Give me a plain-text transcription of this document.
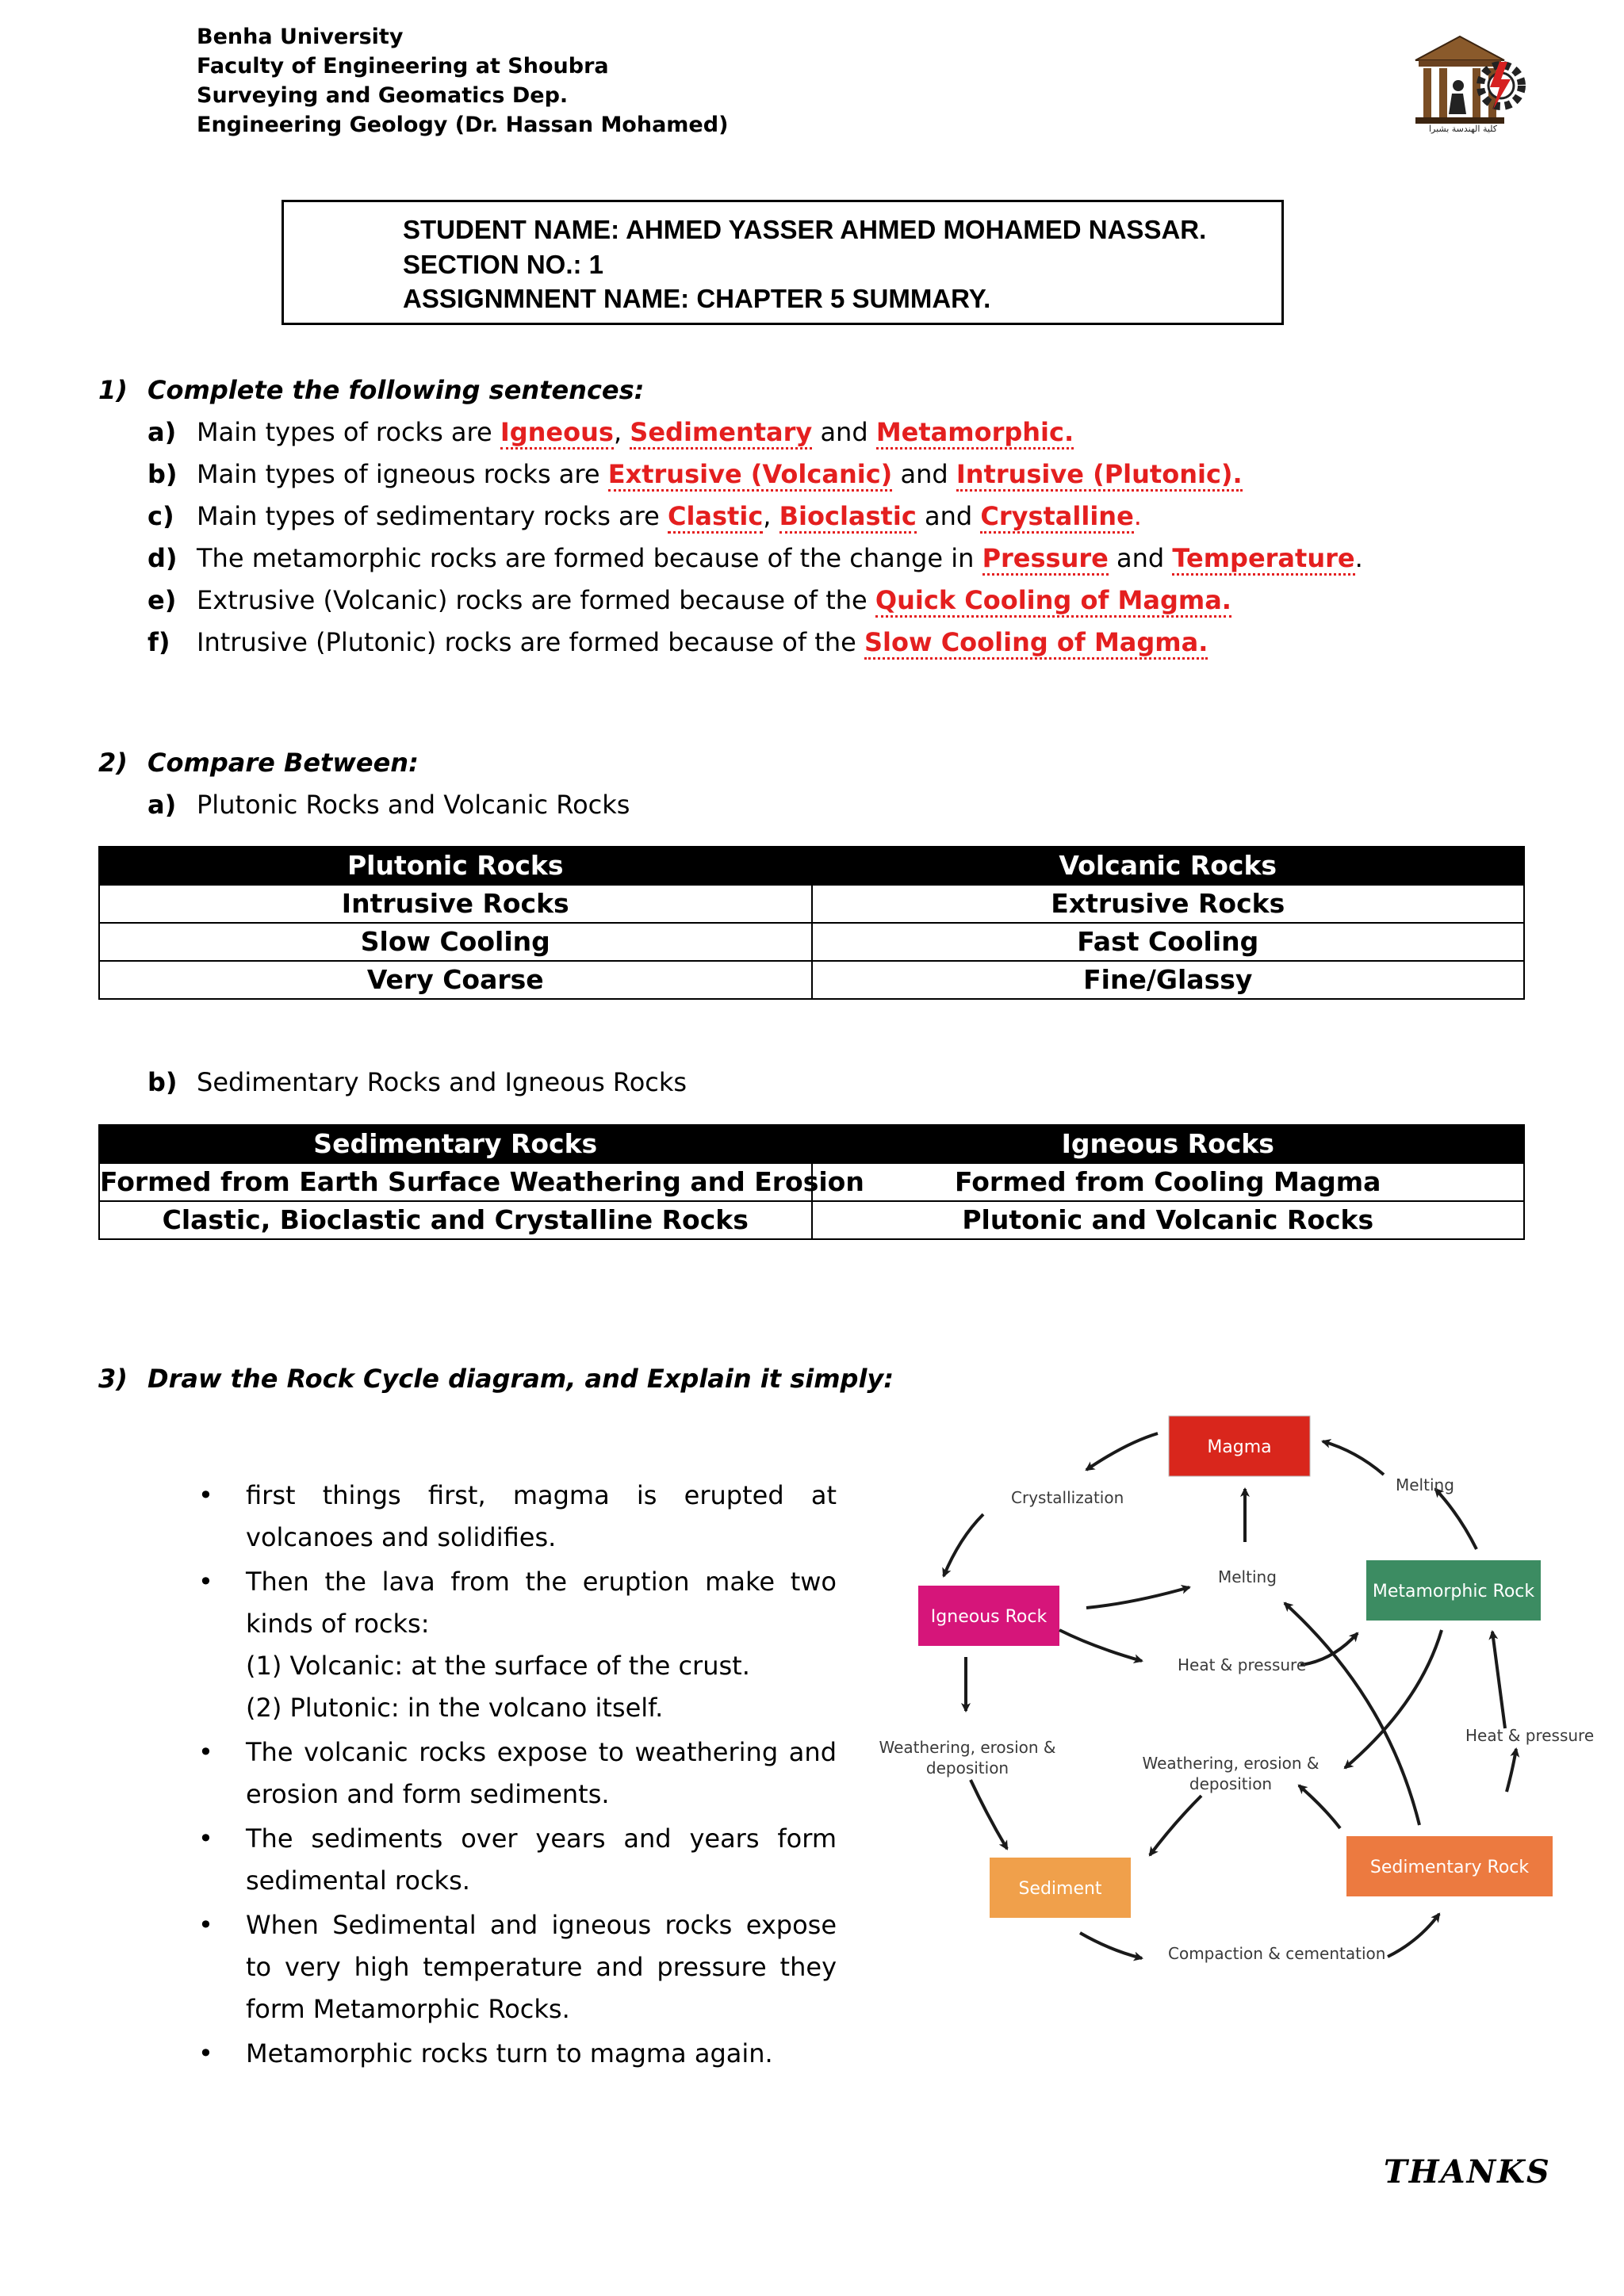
Benha University
Faculty of Engineering at Shoubra
Surveying and Geomatics Dep.
Engineering Geology (Dr. Hassan Mohamed)	كلية الهندسة بشبرا
STUDENT NAME: AHMED YASSER AHMED MOHAMED NASSAR.
SECTION NO.: 1
ASSIGNMNENT NAME: CHAPTER 5 SUMMARY.
1) Complete the following sentences:
a) Main types of rocks are Igneous, Sedimentary and Metamorphic.
b) Main types of igneous rocks are Extrusive (Volcanic) and Intrusive (Plutonic).
c) Main types of sedimentary rocks are Clastic, Bioclastic and Crystalline.
d) The metamorphic rocks are formed because of the change in Pressure and Temperature.
e) Extrusive (Volcanic) rocks are formed because of the Quick Cooling of Magma.
f) Intrusive (Plutonic) rocks are formed because of the Slow Cooling of Magma.
2) Compare Between:
a) Plutonic Rocks and Volcanic Rocks
Plutonic Rocks	Volcanic Rocks
Intrusive Rocks	Extrusive Rocks
Slow Cooling	Fast Cooling
Very Coarse	Fine/Glassy
b) Sedimentary Rocks and Igneous Rocks
Sedimentary Rocks	Igneous Rocks
Formed from Earth Surface Weathering and Erosion	Formed from Cooling Magma
Clastic, Bioclastic and Crystalline Rocks	Plutonic and Volcanic Rocks
3) Draw the Rock Cycle diagram, and Explain it simply:
• first things first, magma is erupted at volcanoes and solidifies.
• Then the lava from the eruption make two kinds of rocks:
(1) Volcanic: at the surface of the crust.
(2) Plutonic: in the volcano itself.
• The volcanic rocks expose to weathering and erosion and form sediments.
• The sediments over years and years form sedimental rocks.
• When Sedimental and igneous rocks expose to very high temperature and pressure they form Metamorphic Rocks.
• Metamorphic rocks turn to magma again.
Magma
Igneous Rock
Metamorphic Rock
Sediment
Sedimentary Rock
Crystallization
Melting
Melting
Heat & pressure
Heat & pressure
Weathering, erosion &
deposition	Weathering, erosion &
deposition
Compaction & cementation
THANKS
